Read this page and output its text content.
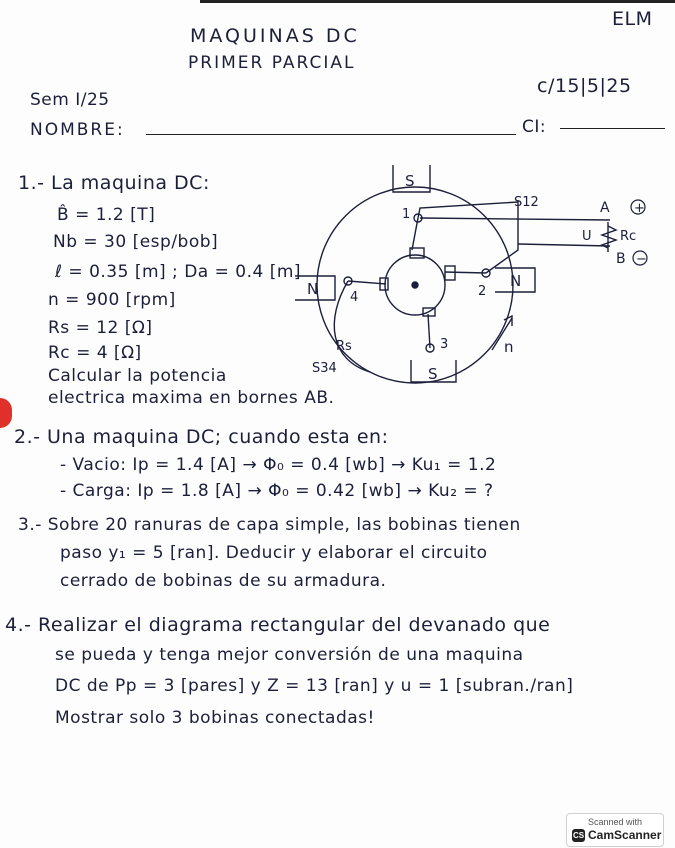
ELM
MAQUINAS DC
PRIMER PARCIAL
c/15|5|25
Sem I/25
NOMBRE:	CI:
1.- La maquina DC:
B̂ = 1.2 [T]
Nb = 30 [esp/bob]
ℓ = 0.35 [m] ; Da = 0.4 [m]
n = 900 [rpm]
Rs = 12 [Ω]
Rc = 4 [Ω]
Calcular la potencia
electrica maxima en bornes AB.
S
S
N	N
1
2
3
4
S12
S34
Rs
A +
B −
U Rc
n
2.- Una maquina DC; cuando esta en:
- Vacio: Ip = 1.4 [A] → Φ₀ = 0.4 [wb] → Ku₁ = 1.2
- Carga: Ip = 1.8 [A] → Φ₀ = 0.42 [wb] → Ku₂ = ?
3.- Sobre 20 ranuras de capa simple, las bobinas tienen
paso y₁ = 5 [ran]. Deducir y elaborar el circuito
cerrado de bobinas de su armadura.
4.- Realizar el diagrama rectangular del devanado que
se pueda y tenga mejor conversión de una maquina
DC de Pp = 3 [pares] y Z = 13 [ran] y u = 1 [subran./ran]
Mostrar solo 3 bobinas conectadas!
Scanned with
CS CamScanner
